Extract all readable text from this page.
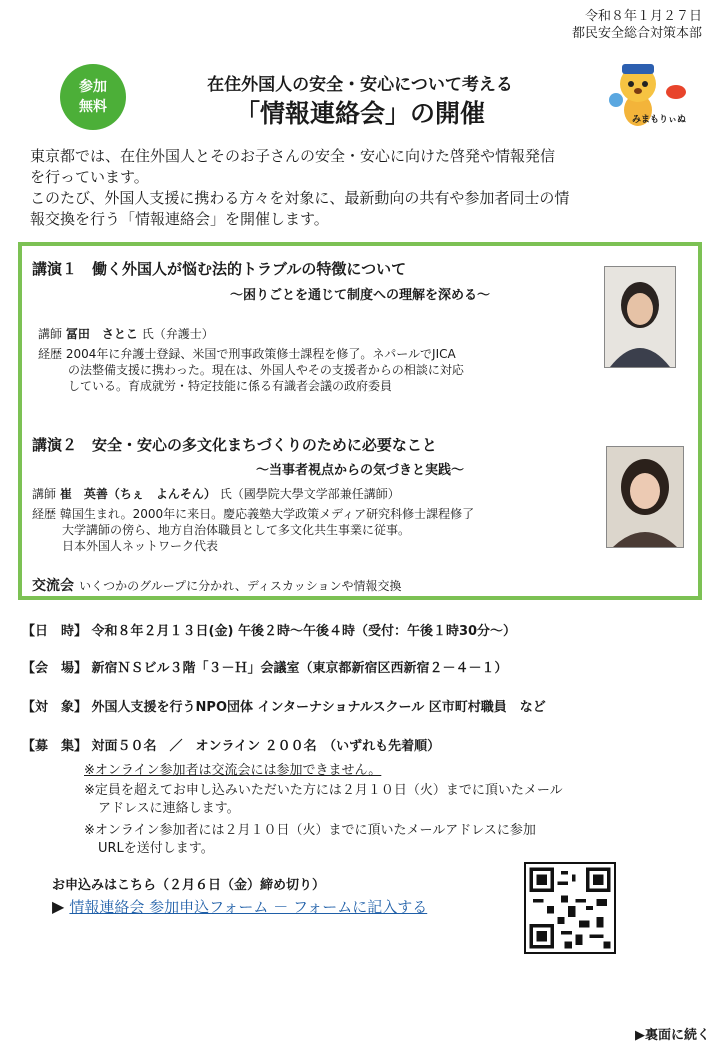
令和８年１月２７日
都民安全総合対策本部
参加
無料
在住外国人の安全・安心について考える
「情報連絡会」の開催	みまもりぃぬ

東京都では、在住外国人とそのお子さんの安全・安心に向けた啓発や情報発信

を行っています。

このたび、外国人支援に携わる方々を対象に、最新動向の共有や参加者同士の情

報交換を行う「情報連絡会」を開催します。

講演１　働く外国人が悩む法的トラブルの特徴について
～困りごとを通じて制度への理解を深める～
講師 冨田　さとこ 氏（弁護士）
経歴 2004年に弁護士登録、米国で刑事政策修士課程を修了。ネパールでJICA
の法整備支援に携わった。現在は、外国人やその支援者からの相談に対応
している。育成就労・特定技能に係る有識者会議の政府委員
講演２　安全・安心の多文化まちづくりのために必要なこと
～当事者視点からの気づきと実践～
講師 崔　英善（ちぇ　よんそん） 氏（國學院大學文学部兼任講師）
経歴 韓国生まれ。2000年に来日。慶応義塾大学政策メディア研究科修士課程修了
大学講師の傍ら、地方自治体職員として多文化共生事業に従事。
日本外国人ネットワーク代表
交流会 いくつかのグループに分かれ、ディスカッションや情報交換
【日　時】 令和８年２月１３日(金) 午後２時～午後４時（受付：午後１時30分～）
【会　場】 新宿ＮＳビル３階「３－Ｈ」会議室（東京都新宿区西新宿２－４－１）
【対　象】 外国人支援を行うNPO団体 インターナショナルスクール 区市町村職員　など
【募　集】 対面５０名　／　オンライン ２００名　（いずれも先着順）
※オンライン参加者は交流会には参加できません。
※定員を超えてお申し込みいただいた方には２月１０日（火）までに頂いたメール
アドレスに連絡します。
※オンライン参加者には２月１０日（火）までに頂いたメールアドレスに参加
URLを送付します。
お申込みはこちら（２月６日（金）締め切り）
▶ 情報連絡会 参加申込フォーム － フォームに記入する
▶裏面に続く
